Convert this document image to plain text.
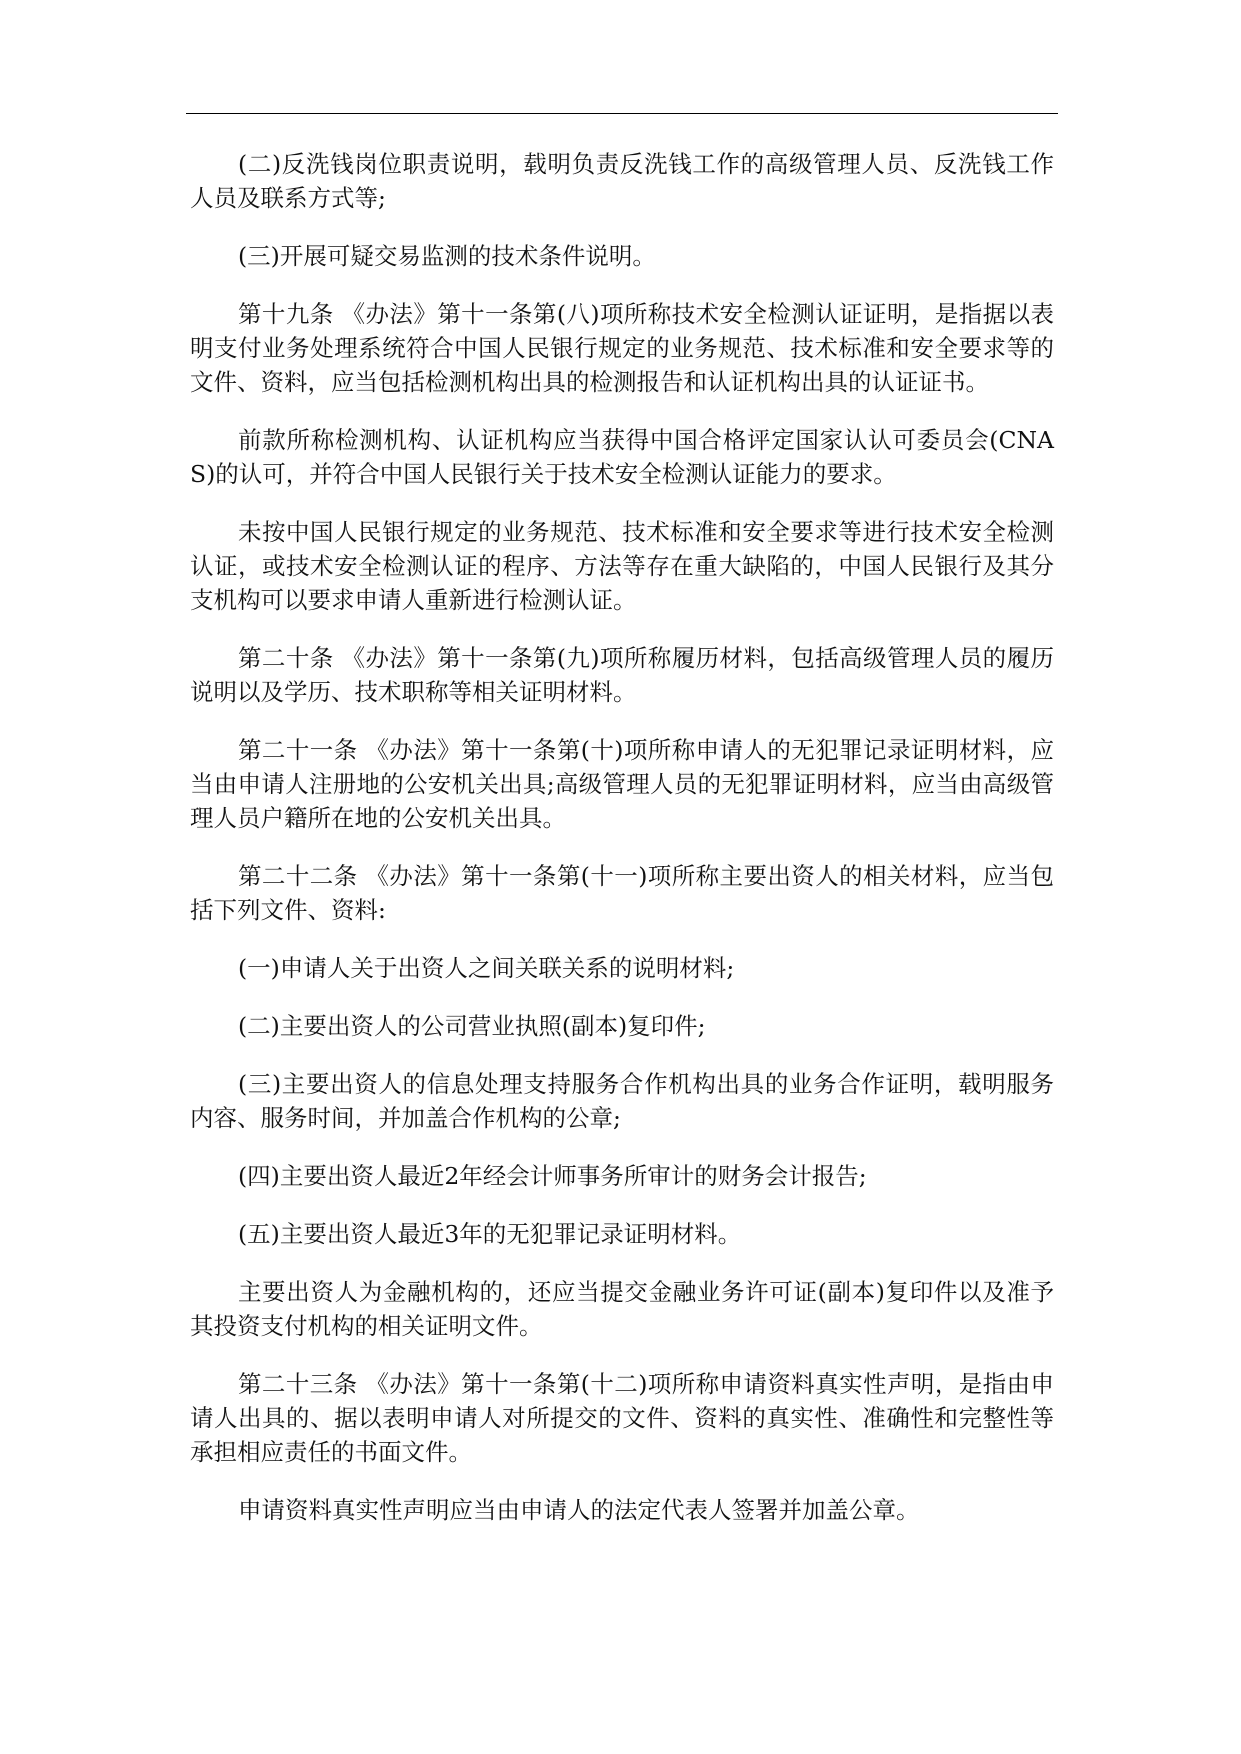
(二)反洗钱岗位职责说明，载明负责反洗钱工作的高级管理人员、反洗钱工作人员及联系方式等;

(三)开展可疑交易监测的技术条件说明。

第十九条 《办法》第十一条第(八)项所称技术安全检测认证证明，是指据以表明支付业务处理系统符合中国人民银行规定的业务规范、技术标准和安全要求等的文件、资料，应当包括检测机构出具的检测报告和认证机构出具的认证证书。

前款所称检测机构、认证机构应当获得中国合格评定国家认认可委员会(CNAS)的认可，并符合中国人民银行关于技术安全检测认证能力的要求。

未按中国人民银行规定的业务规范、技术标准和安全要求等进行技术安全检测认证，或技术安全检测认证的程序、方法等存在重大缺陷的，中国人民银行及其分支机构可以要求申请人重新进行检测认证。

第二十条 《办法》第十一条第(九)项所称履历材料，包括高级管理人员的履历说明以及学历、技术职称等相关证明材料。

第二十一条 《办法》第十一条第(十)项所称申请人的无犯罪记录证明材料，应当由申请人注册地的公安机关出具;高级管理人员的无犯罪证明材料，应当由高级管理人员户籍所在地的公安机关出具。

第二十二条 《办法》第十一条第(十一)项所称主要出资人的相关材料，应当包括下列文件、资料:

(一)申请人关于出资人之间关联关系的说明材料;

(二)主要出资人的公司营业执照(副本)复印件;

(三)主要出资人的信息处理支持服务合作机构出具的业务合作证明，载明服务内容、服务时间，并加盖合作机构的公章;

(四)主要出资人最近2年经会计师事务所审计的财务会计报告;

(五)主要出资人最近3年的无犯罪记录证明材料。

主要出资人为金融机构的，还应当提交金融业务许可证(副本)复印件以及准予其投资支付机构的相关证明文件。

第二十三条 《办法》第十一条第(十二)项所称申请资料真实性声明，是指由申请人出具的、据以表明申请人对所提交的文件、资料的真实性、准确性和完整性等承担相应责任的书面文件。

申请资料真实性声明应当由申请人的法定代表人签署并加盖公章。
